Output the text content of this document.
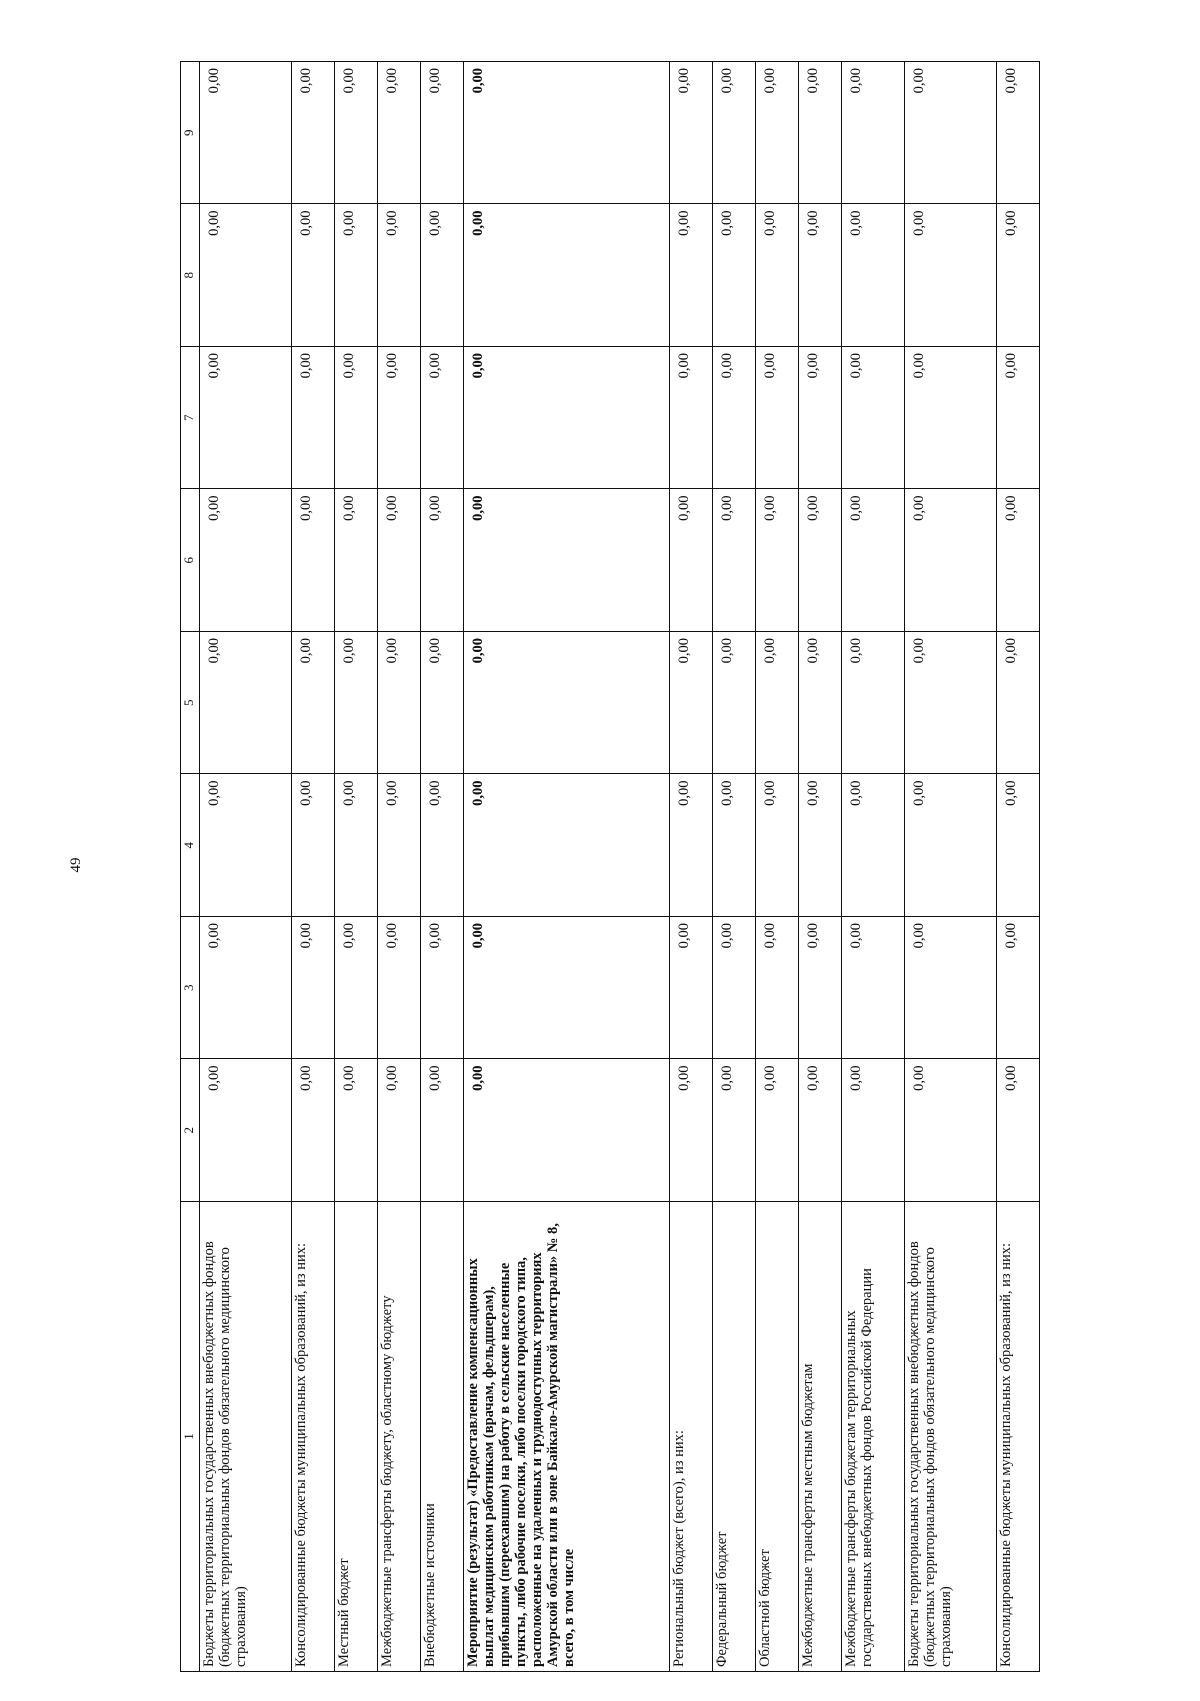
49
1	2	3	4	5	6	7	8	9
Бюджеты территориальных государственных внебюджетных фондов (бюджетных территориальных фондов обязательного медицинского страхования)	0,00	0,00	0,00	0,00	0,00	0,00	0,00	0,00
Консолидированные бюджеты муниципальных образований, из них:	0,00	0,00	0,00	0,00	0,00	0,00	0,00	0,00
Местный бюджет	0,00	0,00	0,00	0,00	0,00	0,00	0,00	0,00
Межбюджетные трансферты бюджету, областному бюджету	0,00	0,00	0,00	0,00	0,00	0,00	0,00	0,00
Внебюджетные источники	0,00	0,00	0,00	0,00	0,00	0,00	0,00	0,00
Мероприятие (результат) «Предоставление компенсационных выплат медицинским работникам (врачам, фельдшерам), прибывшим (переехавшим) на работу в сельские населенные пункты, либо рабочие поселки, либо поселки городского типа, расположенные на удаленных и труднодоступных территориях Амурской области или в зоне Байкало-Амурской магистрали» № 8, всего, в том числе	0,00	0,00	0,00	0,00	0,00	0,00	0,00	0,00
Региональный бюджет (всего), из них:	0,00	0,00	0,00	0,00	0,00	0,00	0,00	0,00
Федеральный бюджет	0,00	0,00	0,00	0,00	0,00	0,00	0,00	0,00
Областной бюджет	0,00	0,00	0,00	0,00	0,00	0,00	0,00	0,00
Межбюджетные трансферты местным бюджетам	0,00	0,00	0,00	0,00	0,00	0,00	0,00	0,00
Межбюджетные трансферты бюджетам территориальных государственных внебюджетных фондов Российской Федерации	0,00	0,00	0,00	0,00	0,00	0,00	0,00	0,00
Бюджеты территориальных государственных внебюджетных фондов (бюджетных территориальных фондов обязательного медицинского страхования)	0,00	0,00	0,00	0,00	0,00	0,00	0,00	0,00
Консолидированные бюджеты муниципальных образований, из них:	0,00	0,00	0,00	0,00	0,00	0,00	0,00	0,00
